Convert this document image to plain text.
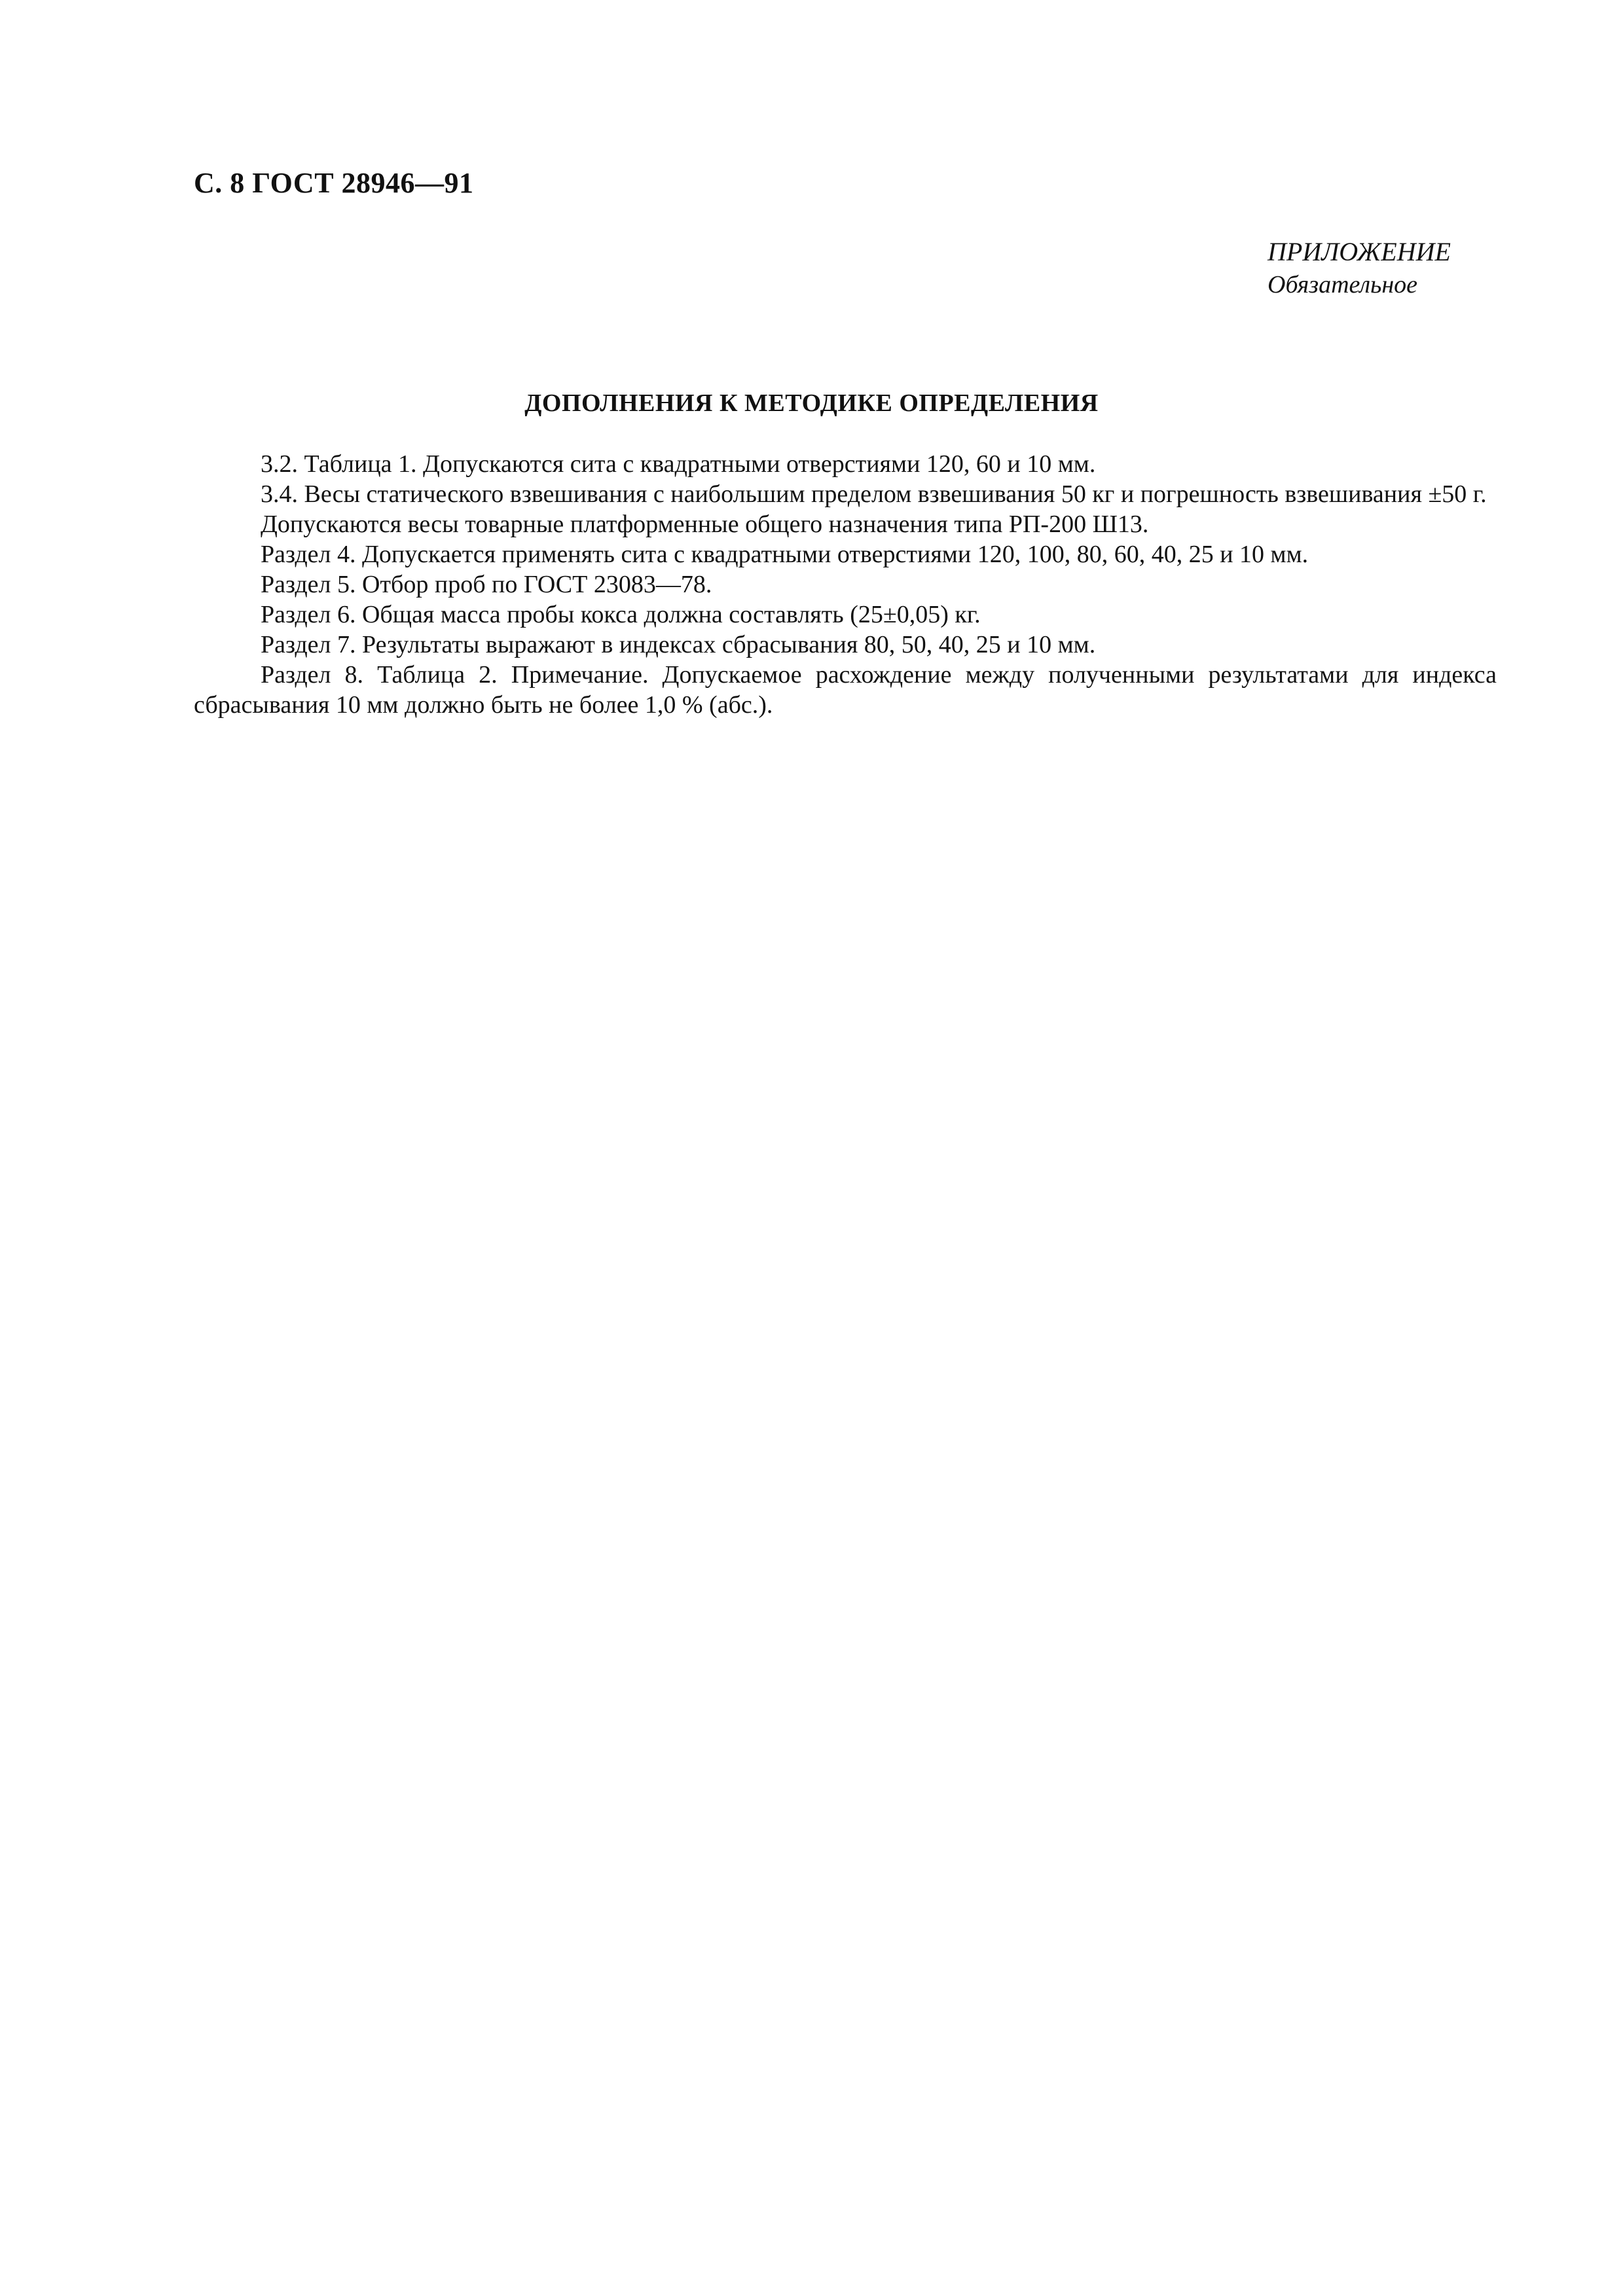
С. 8 ГОСТ 28946—91
ПРИЛОЖЕНИЕ
Обязательное
ДОПОЛНЕНИЯ К МЕТОДИКЕ ОПРЕДЕЛЕНИЯ

3.2. Таблица 1. Допускаются сита с квадратными отверстиями 120, 60 и 10 мм.

3.4. Весы статического взвешивания с наибольшим пределом взвешивания 50 кг и погрешность взвешивания ±50 г.

Допускаются весы товарные платформенные общего назначения типа РП-200 Ш13.

Раздел 4. Допускается применять сита с квадратными отверстиями 120, 100, 80, 60, 40, 25 и 10 мм.

Раздел 5. Отбор проб по ГОСТ 23083—78.

Раздел 6. Общая масса пробы кокса должна составлять (25±0,05) кг.

Раздел 7. Результаты выражают в индексах сбрасывания 80, 50, 40, 25 и 10 мм.

Раздел 8. Таблица 2. Примечание. Допускаемое расхождение между полученными результатами для индекса сбрасывания 10 мм должно быть не более 1,0 % (абс.).
